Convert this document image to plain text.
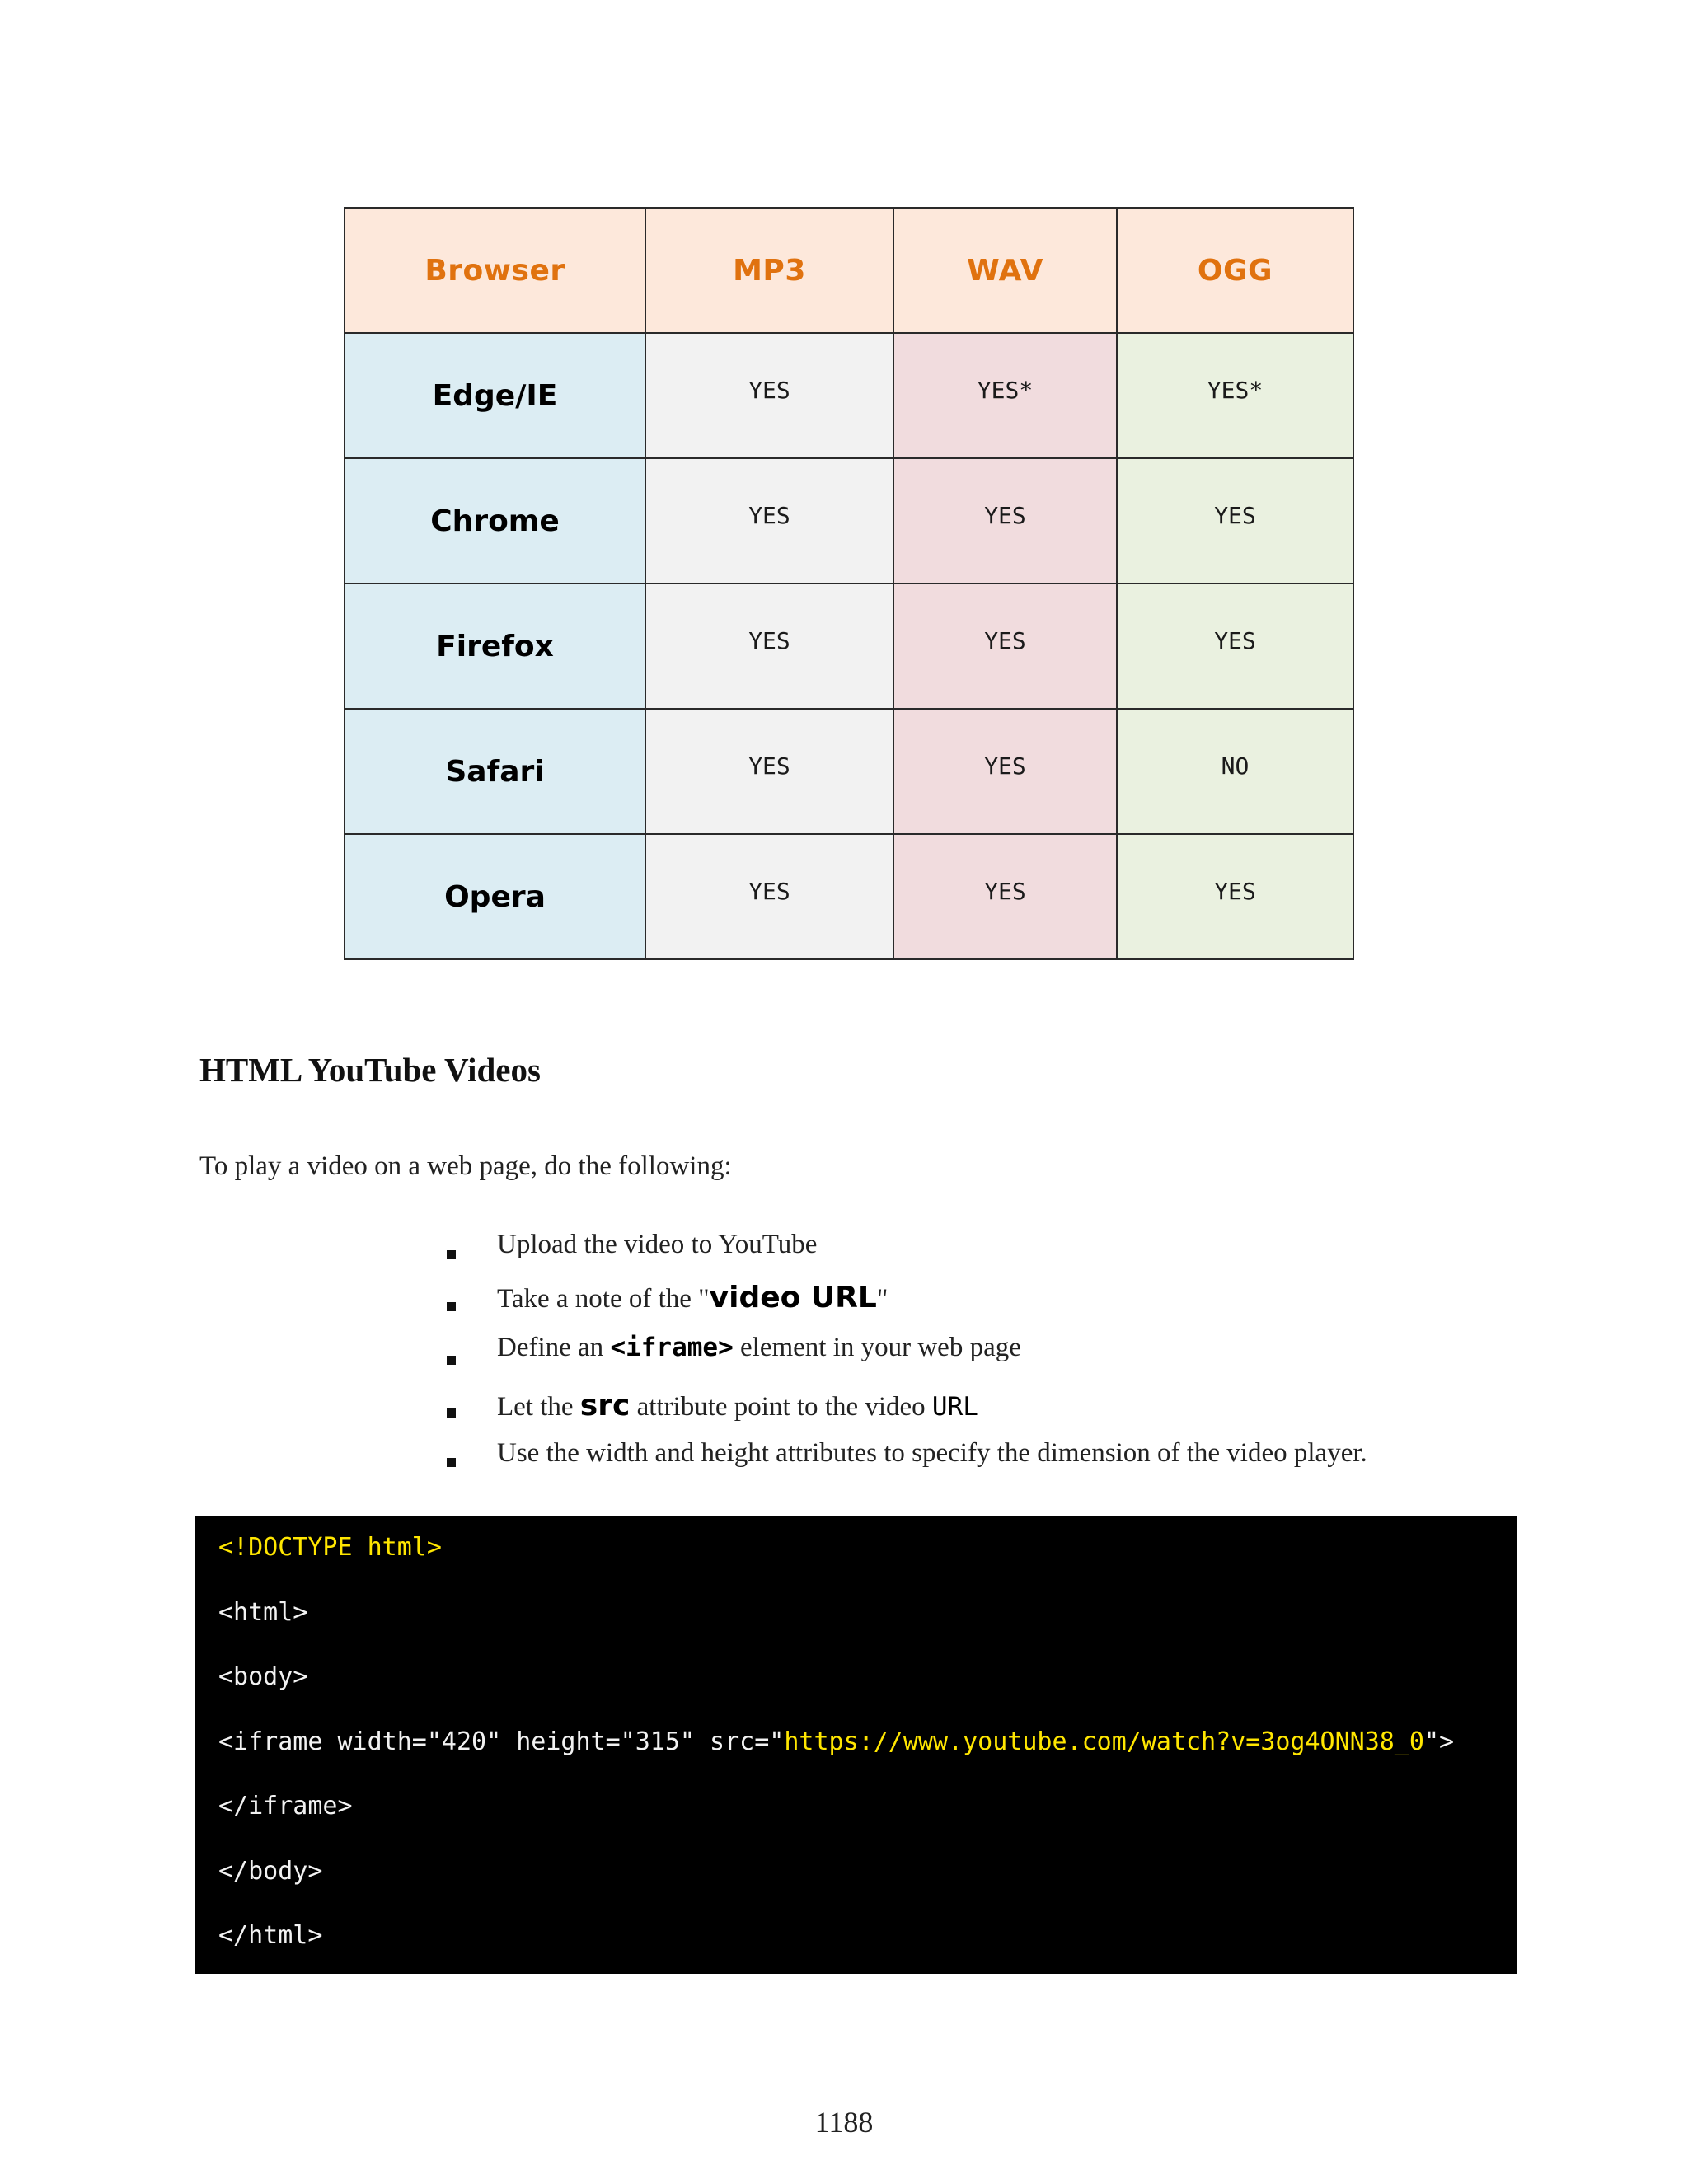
Browser	MP3	WAV	OGG
Edge/IE	YES	YES*	YES*
Chrome	YES	YES	YES
Firefox	YES	YES	YES
Safari	YES	YES	NO
Opera	YES	YES	YES
HTML YouTube Videos

To play a video on a web page, do the following:

Upload the video to YouTube
Take a note of the "video URL"
Define an <iframe> element in your web page
Let the src attribute point to the video URL
Use the width and height attributes to specify the dimension of the video player.
<!DOCTYPE html>
<html>
<body>
<iframe width="420" height="315" src="https://www.youtube.com/watch?v=3og4ONN38_0">
</iframe>
</body>
</html>
1188
